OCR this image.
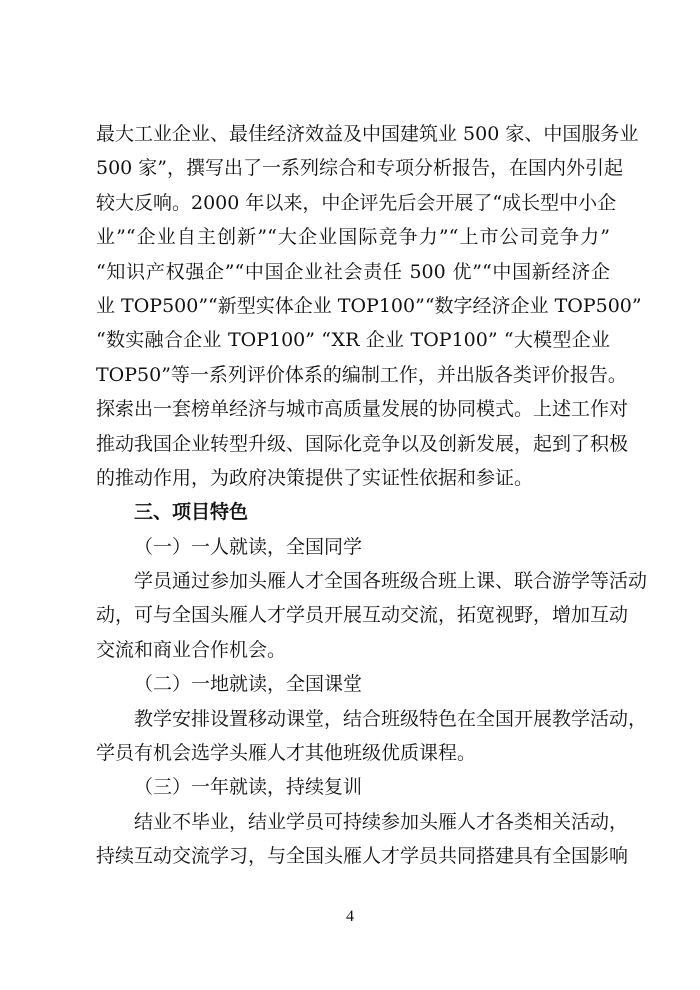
最大工业企业、最佳经济效益及中国建筑业 500 家、中国服务业
500 家”，撰写出了一系列综合和专项分析报告，在国内外引起
较大反响。2000 年以来，中企评先后会开展了“成长型中小企
业”“企业自主创新”“大企业国际竞争力”“上市公司竞争力”
“知识产权强企”“中国企业社会责任 500 优”“中国新经济企
业 TOP500”“新型实体企业 TOP100”“数字经济企业 TOP500”
“数实融合企业 TOP100” “XR 企业 TOP100” “大模型企业
TOP50”等一系列评价体系的编制工作，并出版各类评价报告。
探索出一套榜单经济与城市高质量发展的协同模式。上述工作对
推动我国企业转型升级、国际化竞争以及创新发展，起到了积极
的推动作用，为政府决策提供了实证性依据和参证。
三、项目特色
（一）一人就读，全国同学
学员通过参加头雁人才全国各班级合班上课、联合游学等活动
动，可与全国头雁人才学员开展互动交流，拓宽视野，增加互动
交流和商业合作机会。
（二）一地就读，全国课堂
教学安排设置移动课堂，结合班级特色在全国开展教学活动，
学员有机会选学头雁人才其他班级优质课程。
（三）一年就读，持续复训
结业不毕业，结业学员可持续参加头雁人才各类相关活动，
持续互动交流学习，与全国头雁人才学员共同搭建具有全国影响
4
